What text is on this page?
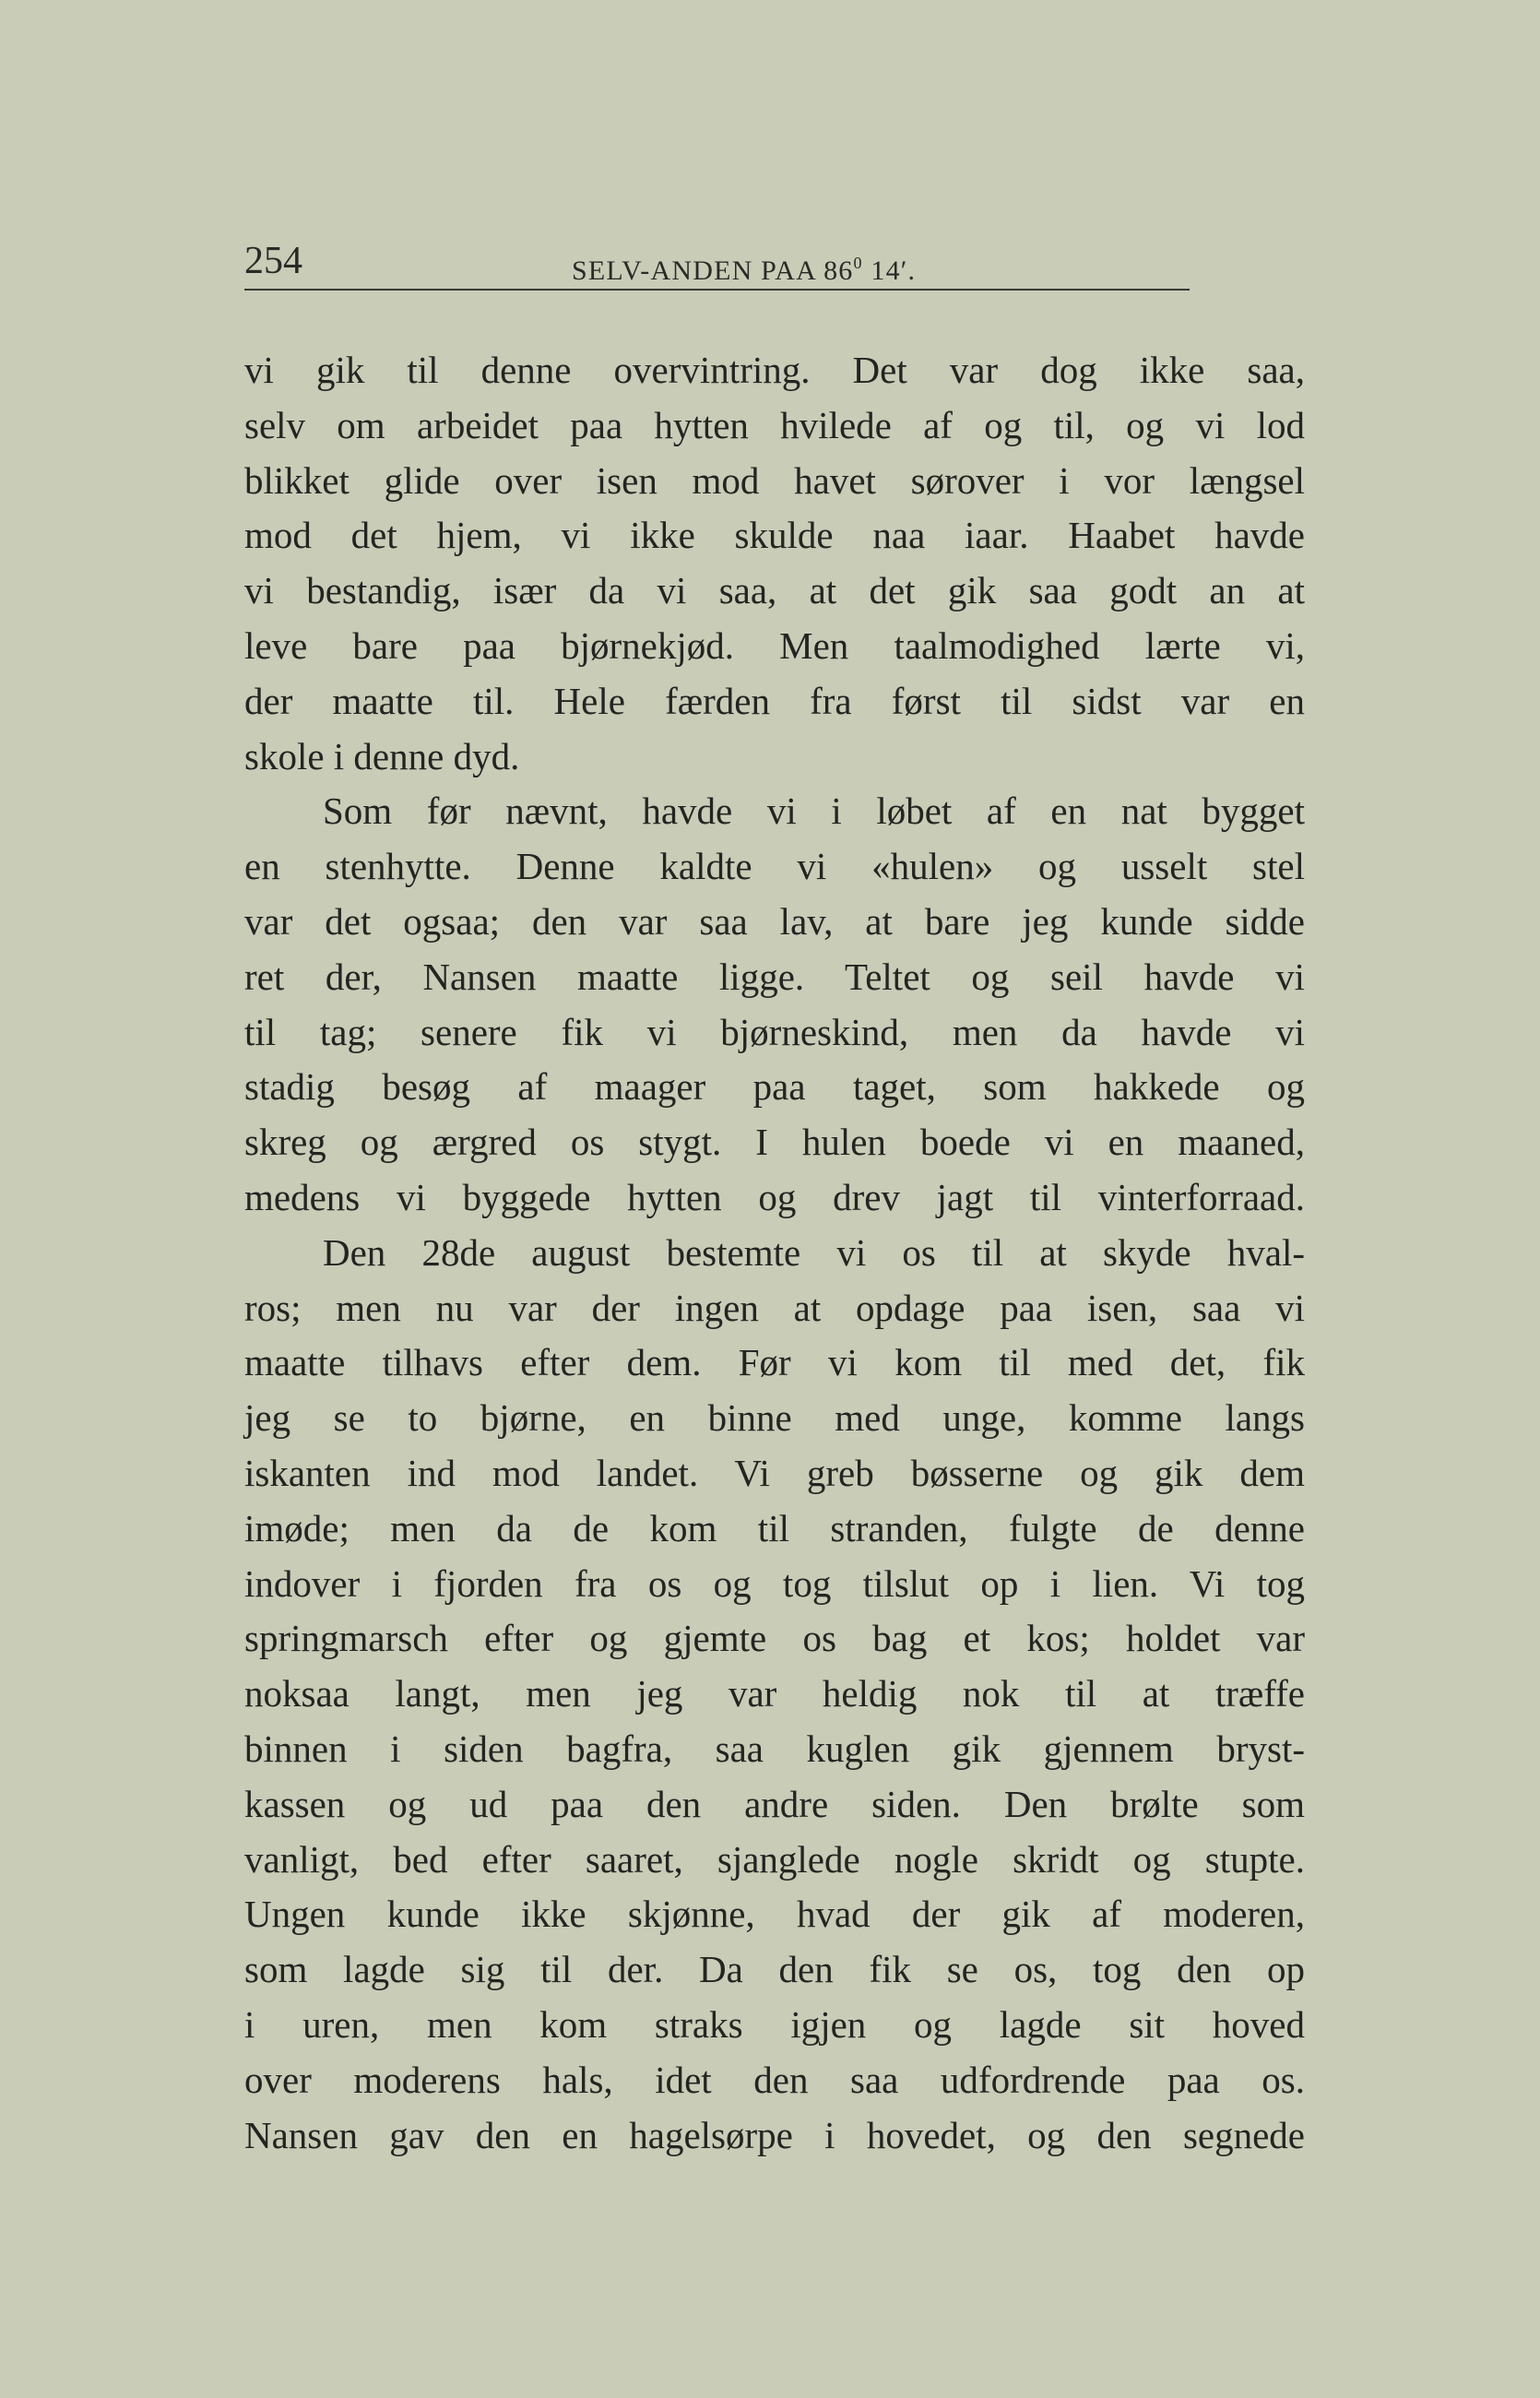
254	SELV-ANDEN PAA $86^0$ 14′.
vi gik til denne overvintring. Det var dog ikke saa,
selv om arbeidet paa hytten hvilede af og til, og vi lod
blikket glide over isen mod havet sørover i vor længsel
mod det hjem, vi ikke skulde naa iaar. Haabet havde
vi bestandig, især da vi saa, at det gik saa godt an at
leve bare paa bjørnekjød. Men taalmodighed lærte vi,
der maatte til. Hele færden fra først til sidst var en
skole i denne dyd.
Som før nævnt, havde vi i løbet af en nat bygget
en stenhytte. Denne kaldte vi «hulen» og usselt stel
var det ogsaa; den var saa lav, at bare jeg kunde sidde
ret der, Nansen maatte ligge. Teltet og seil havde vi
til tag; senere fik vi bjørneskind, men da havde vi
stadig besøg af maager paa taget, som hakkede og
skreg og ærgred os stygt. I hulen boede vi en maaned,
medens vi byggede hytten og drev jagt til vinterforraad.
Den 28de august bestemte vi os til at skyde hval-
ros; men nu var der ingen at opdage paa isen, saa vi
maatte tilhavs efter dem. Før vi kom til med det, fik
jeg se to bjørne, en binne med unge, komme langs
iskanten ind mod landet. Vi greb bøsserne og gik dem
imøde; men da de kom til stranden, fulgte de denne
indover i fjorden fra os og tog tilslut op i lien. Vi tog
springmarsch efter og gjemte os bag et kos; holdet var
noksaa langt, men jeg var heldig nok til at træffe
binnen i siden bagfra, saa kuglen gik gjennem bryst-
kassen og ud paa den andre siden. Den brølte som
vanligt, bed efter saaret, sjanglede nogle skridt og stupte.
Ungen kunde ikke skjønne, hvad der gik af moderen,
som lagde sig til der. Da den fik se os, tog den op
i uren, men kom straks igjen og lagde sit hoved
over moderens hals, idet den saa udfordrende paa os.
Nansen gav den en hagelsørpe i hovedet, og den segnede
